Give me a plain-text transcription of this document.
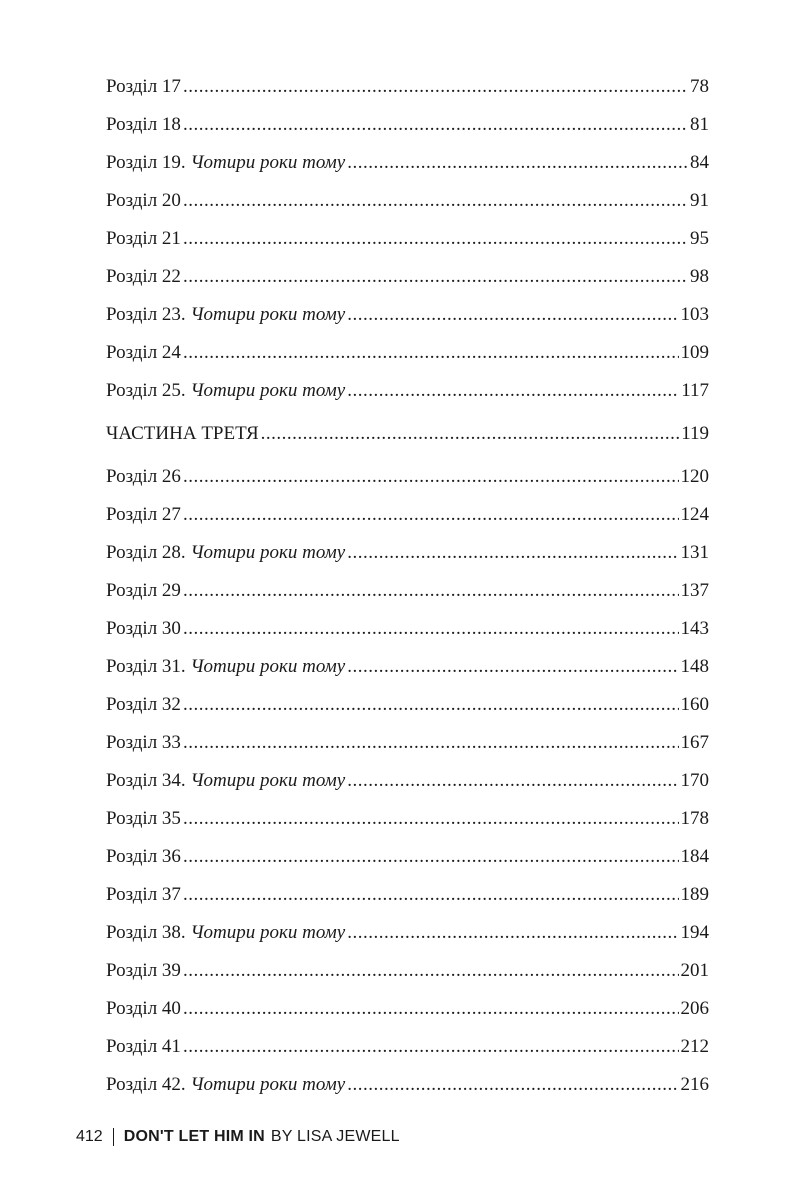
Розділ 17 .....	78
Розділ 18 .....	81
Розділ 19. Чотири роки тому .....	84
Розділ 20 .....	91
Розділ 21 .....	95
Розділ 22 .....	98
Розділ 23. Чотири роки тому .....	103
Розділ 24 .....	109
Розділ 25. Чотири роки тому .....	117
ЧАСТИНА ТРЕТЯ .....	119
Розділ 26 .....	120
Розділ 27 .....	124
Розділ 28. Чотири роки тому .....	131
Розділ 29 .....	137
Розділ 30 .....	143
Розділ 31. Чотири роки тому .....	148
Розділ 32 .....	160
Розділ 33 .....	167
Розділ 34. Чотири роки тому .....	170
Розділ 35 .....	178
Розділ 36 .....	184
Розділ 37 .....	189
Розділ 38. Чотири роки тому .....	194
Розділ 39 .....	201
Розділ 40 .....	206
Розділ 41 .....	212
Розділ 42. Чотири роки тому .....	216
412 DON'T LET HIM IN BY LISA JEWELL
